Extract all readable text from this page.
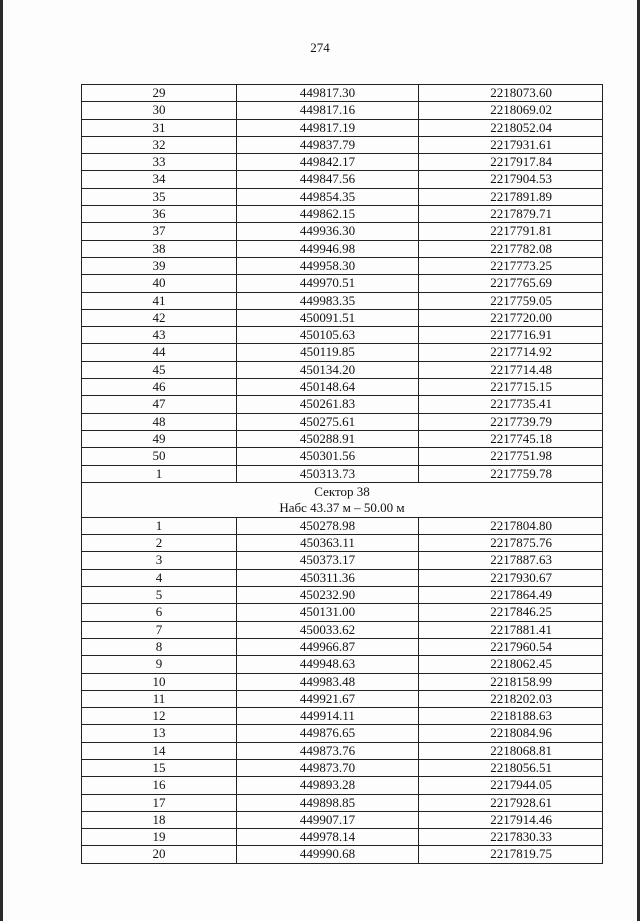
274
29	449817.30	2218073.60
30	449817.16	2218069.02
31	449817.19	2218052.04
32	449837.79	2217931.61
33	449842.17	2217917.84
34	449847.56	2217904.53
35	449854.35	2217891.89
36	449862.15	2217879.71
37	449936.30	2217791.81
38	449946.98	2217782.08
39	449958.30	2217773.25
40	449970.51	2217765.69
41	449983.35	2217759.05
42	450091.51	2217720.00
43	450105.63	2217716.91
44	450119.85	2217714.92
45	450134.20	2217714.48
46	450148.64	2217715.15
47	450261.83	2217735.41
48	450275.61	2217739.79
49	450288.91	2217745.18
50	450301.56	2217751.98
1	450313.73	2217759.78

Сектор 38
Набс 43.37 м – 50.00 м		

1	450278.98	2217804.80
2	450363.11	2217875.76
3	450373.17	2217887.63
4	450311.36	2217930.67
5	450232.90	2217864.49
6	450131.00	2217846.25
7	450033.62	2217881.41
8	449966.87	2217960.54
9	449948.63	2218062.45
10	449983.48	2218158.99
11	449921.67	2218202.03
12	449914.11	2218188.63
13	449876.65	2218084.96
14	449873.76	2218068.81
15	449873.70	2218056.51
16	449893.28	2217944.05
17	449898.85	2217928.61
18	449907.17	2217914.46
19	449978.14	2217830.33
20	449990.68	2217819.75
